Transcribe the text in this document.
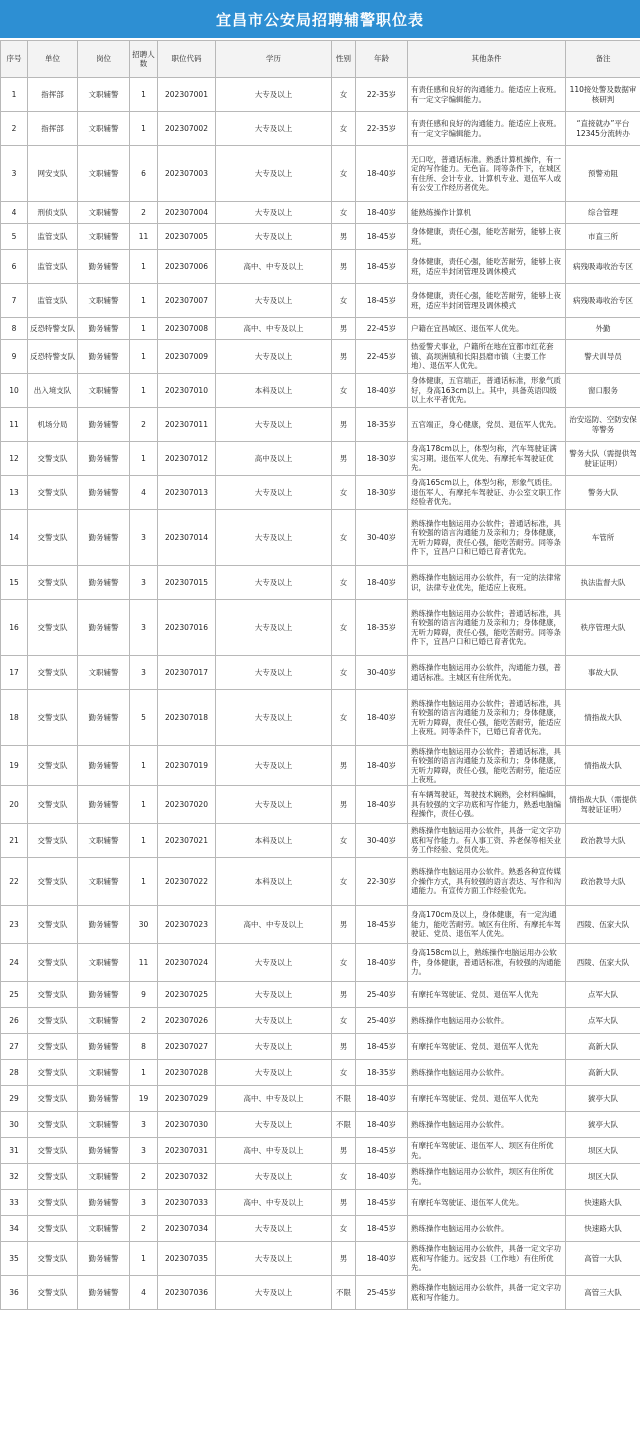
宜昌市公安局招聘辅警职位表
序号	单位	岗位	招聘人数	职位代码	学历	性别	年龄	其他条件	备注
1	指挥部	文职辅警	1	202307001	大专及以上	女	22-35岁	有责任感和良好的沟通能力。能适应上夜班。有一定文字编辑能力。	110接处警及数据审核研判
2	指挥部	文职辅警	1	202307002	大专及以上	女	22-35岁	有责任感和良好的沟通能力。能适应上夜班。有一定文字编辑能力。	“直接就办”平台12345分流转办
3	网安支队	文职辅警	6	202307003	大专及以上	女	18-40岁	无口吃，普通话标准。熟悉计算机操作，有一定的写作能力。无色盲。同等条件下，在城区有住所、会计专业、计算机专业、退伍军人或有公安工作经历者优先。	预警劝阻
4	刑侦支队	文职辅警	2	202307004	大专及以上	女	18-40岁	能熟练操作计算机	综合管理
5	监管支队	文职辅警	11	202307005	大专及以上	男	18-45岁	身体健康，责任心强，能吃苦耐劳，能够上夜班。	市直三所
6	监管支队	勤务辅警	1	202307006	高中、中专及以上	男	18-45岁	身体健康，责任心强，能吃苦耐劳，能够上夜班，适应半封闭管理及调休模式	病残吸毒收治专区
7	监管支队	文职辅警	1	202307007	大专及以上	女	18-45岁	身体健康，责任心强，能吃苦耐劳，能够上夜班，适应半封闭管理及调休模式	病残吸毒收治专区
8	反恐特警支队	勤务辅警	1	202307008	高中、中专及以上	男	22-45岁	户籍在宜昌城区、退伍军人优先。	外勤
9	反恐特警支队	勤务辅警	1	202307009	大专及以上	男	22-45岁	热爱警犬事业，户籍所在地在宜都市红花套镇、高坝洲镇和长阳县磨市镇（主要工作地）、退伍军人优先。	警犬训导员
10	出入境支队	文职辅警	1	202307010	本科及以上	女	18-40岁	身体健康，五官端正，普通话标准，形象气质好，身高163cm以上。其中，具备英语四级以上水平者优先。	窗口服务
11	机场分局	勤务辅警	2	202307011	大专及以上	男	18-35岁	五官端正，身心健康，党员、退伍军人优先。	治安巡防、空防安保等警务
12	交警支队	勤务辅警	1	202307012	高中及以上	男	18-30岁	身高178cm以上，体型匀称，汽车驾驶证满实习期。退伍军人优先、有摩托车驾驶证优先。	警务大队（需提供驾驶证证明）
13	交警支队	勤务辅警	4	202307013	大专及以上	女	18-30岁	身高165cm以上，体型匀称，形象气质佳。退伍军人、有摩托车驾驶证、办公室文职工作经验者优先。	警务大队
14	交警支队	勤务辅警	3	202307014	大专及以上	女	30-40岁	熟练操作电脑运用办公软件；普通话标准，具有较强的语言沟通能力及亲和力；身体健康，无听力障碍，责任心强，能吃苦耐劳。同等条件下，宜昌户口和已婚已育者优先。	车管所
15	交警支队	勤务辅警	3	202307015	大专及以上	女	18-40岁	熟练操作电脑运用办公软件，有一定的法律常识，法律专业优先，能适应上夜班。	执法监督大队
16	交警支队	勤务辅警	3	202307016	大专及以上	女	18-35岁	熟练操作电脑运用办公软件；普通话标准，具有较强的语言沟通能力及亲和力；身体健康，无听力障碍，责任心强，能吃苦耐劳。同等条件下，宜昌户口和已婚已育者优先。	秩序管理大队
17	交警支队	文职辅警	3	202307017	大专及以上	女	30-40岁	熟练操作电脑运用办公软件，沟通能力强，普通话标准。主城区有住所优先。	事故大队
18	交警支队	勤务辅警	5	202307018	大专及以上	女	18-40岁	熟练操作电脑运用办公软件；普通话标准，具有较强的语言沟通能力及亲和力；身体健康，无听力障碍，责任心强，能吃苦耐劳，能适应上夜班。同等条件下，已婚已育者优先。	情指战大队
19	交警支队	勤务辅警	1	202307019	大专及以上	男	18-40岁	熟练操作电脑运用办公软件；普通话标准，具有较强的语言沟通能力及亲和力；身体健康，无听力障碍，责任心强，能吃苦耐劳，能适应上夜班。	情指战大队
20	交警支队	勤务辅警	1	202307020	大专及以上	男	18-40岁	有车辆驾驶证，驾驶技术娴熟，会材料编辑，具有较强的文字功底和写作能力，熟悉电脑编程操作，责任心强。	情指战大队（需提供驾驶证证明）
21	交警支队	文职辅警	1	202307021	本科及以上	女	30-40岁	熟练操作电脑运用办公软件，具备一定文字功底和写作能力。有人事工资、养老保等相关业务工作经验、党员优先。	政治教导大队
22	交警支队	文职辅警	1	202307022	本科及以上	女	22-30岁	熟练操作电脑运用办公软件。熟悉各种宣传媒介操作方式，具有较强的语言表达、写作和沟通能力。有宣传方面工作经验优先。	政治教导大队
23	交警支队	勤务辅警	30	202307023	高中、中专及以上	男	18-45岁	身高170cm及以上，身体健康，有一定沟通能力，能吃苦耐劳。城区有住所、有摩托车驾驶证、党员、退伍军人优先。	西陵、伍家大队
24	交警支队	文职辅警	11	202307024	大专及以上	女	18-40岁	身高158cm以上，熟练操作电脑运用办公软件，身体健康，普通话标准，有较强的沟通能力。	西陵、伍家大队
25	交警支队	勤务辅警	9	202307025	大专及以上	男	25-40岁	有摩托车驾驶证、党员、退伍军人优先	点军大队
26	交警支队	文职辅警	2	202307026	大专及以上	女	25-40岁	熟练操作电脑运用办公软件。	点军大队
27	交警支队	勤务辅警	8	202307027	大专及以上	男	18-45岁	有摩托车驾驶证、党员、退伍军人优先	高新大队
28	交警支队	文职辅警	1	202307028	大专及以上	女	18-35岁	熟练操作电脑运用办公软件。	高新大队
29	交警支队	勤务辅警	19	202307029	高中、中专及以上	不限	18-40岁	有摩托车驾驶证、党员、退伍军人优先	猇亭大队
30	交警支队	文职辅警	3	202307030	大专及以上	不限	18-40岁	熟练操作电脑运用办公软件。	猇亭大队
31	交警支队	勤务辅警	3	202307031	高中、中专及以上	男	18-45岁	有摩托车驾驶证、退伍军人、坝区有住所优先。	坝区大队
32	交警支队	文职辅警	2	202307032	大专及以上	女	18-40岁	熟练操作电脑运用办公软件，坝区有住所优先。	坝区大队
33	交警支队	勤务辅警	3	202307033	高中、中专及以上	男	18-45岁	有摩托车驾驶证、退伍军人优先。	快速路大队
34	交警支队	文职辅警	2	202307034	大专及以上	女	18-45岁	熟练操作电脑运用办公软件。	快速路大队
35	交警支队	勤务辅警	1	202307035	大专及以上	男	18-40岁	熟练操作电脑运用办公软件，具备一定文字功底和写作能力。远安县（工作地）有住所优先。	高管一大队
36	交警支队	勤务辅警	4	202307036	大专及以上	不限	25-45岁	熟练操作电脑运用办公软件，具备一定文字功底和写作能力。	高管三大队
